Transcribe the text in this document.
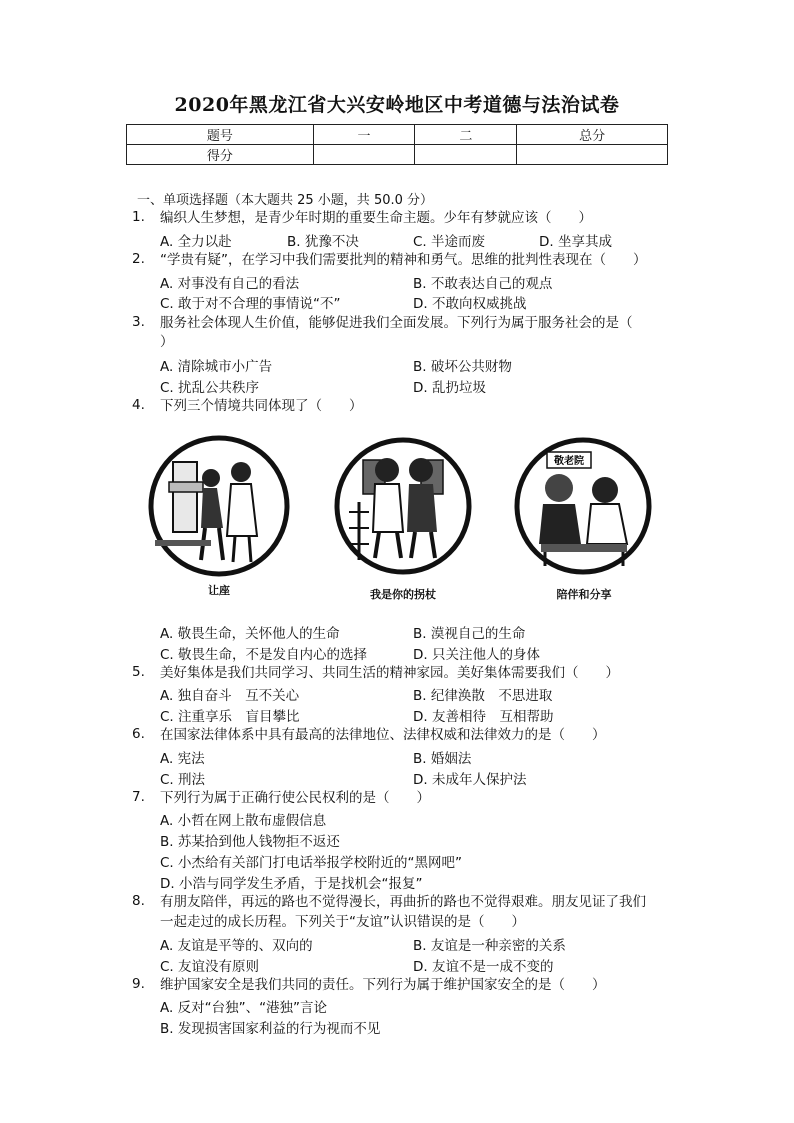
2020年黑龙江省大兴安岭地区中考道德与法治试卷
题号	一	二	总分
得分			
一、单项选择题（本大题共 25 小题，共 50.0 分）
1. 编织人生梦想，是青少年时期的重要生命主题。少年有梦就应该（　　）
A. 全力以赴	B. 犹豫不决	C. 半途而废	D. 坐享其成
2. “学贵有疑”，在学习中我们需要批判的精神和勇气。思维的批判性表现在（　　）
A. 对事没有自己的看法	B. 不敢表达自己的观点
C. 敢于对不合理的事情说“不”	D. 不敢向权威挑战
3. 服务社会体现人生价值，能够促进我们全面发展。下列行为属于服务社会的是（
）
A. 清除城市小广告	B. 破坏公共财物
C. 扰乱公共秩序	D. 乱扔垃圾
4. 下列三个情境共同体现了（　　）
敬老院
让座	我是你的拐杖	陪伴和分享
A. 敬畏生命，关怀他人的生命	B. 漠视自己的生命
C. 敬畏生命，不是发自内心的选择	D. 只关注他人的身体
5. 美好集体是我们共同学习、共同生活的精神家园。美好集体需要我们（　　）
A. 独自奋斗　互不关心	B. 纪律涣散　不思进取
C. 注重享乐　盲目攀比	D. 友善相待　互相帮助
6. 在国家法律体系中具有最高的法律地位、法律权威和法律效力的是（　　）
A. 宪法	B. 婚姻法
C. 刑法	D. 未成年人保护法
7. 下列行为属于正确行使公民权利的是（　　）
A. 小哲在网上散布虚假信息
B. 苏某拾到他人钱物拒不返还
C. 小杰给有关部门打电话举报学校附近的“黑网吧”
D. 小浩与同学发生矛盾，于是找机会“报复”
8. 有朋友陪伴，再远的路也不觉得漫长，再曲折的路也不觉得艰难。朋友见证了我们
一起走过的成长历程。下列关于“友谊”认识错误的是（　　）
A. 友谊是平等的、双向的	B. 友谊是一种亲密的关系
C. 友谊没有原则	D. 友谊不是一成不变的
9. 维护国家安全是我们共同的责任。下列行为属于维护国家安全的是（　　）
A. 反对“台独”、“港独”言论
B. 发现损害国家利益的行为视而不见
